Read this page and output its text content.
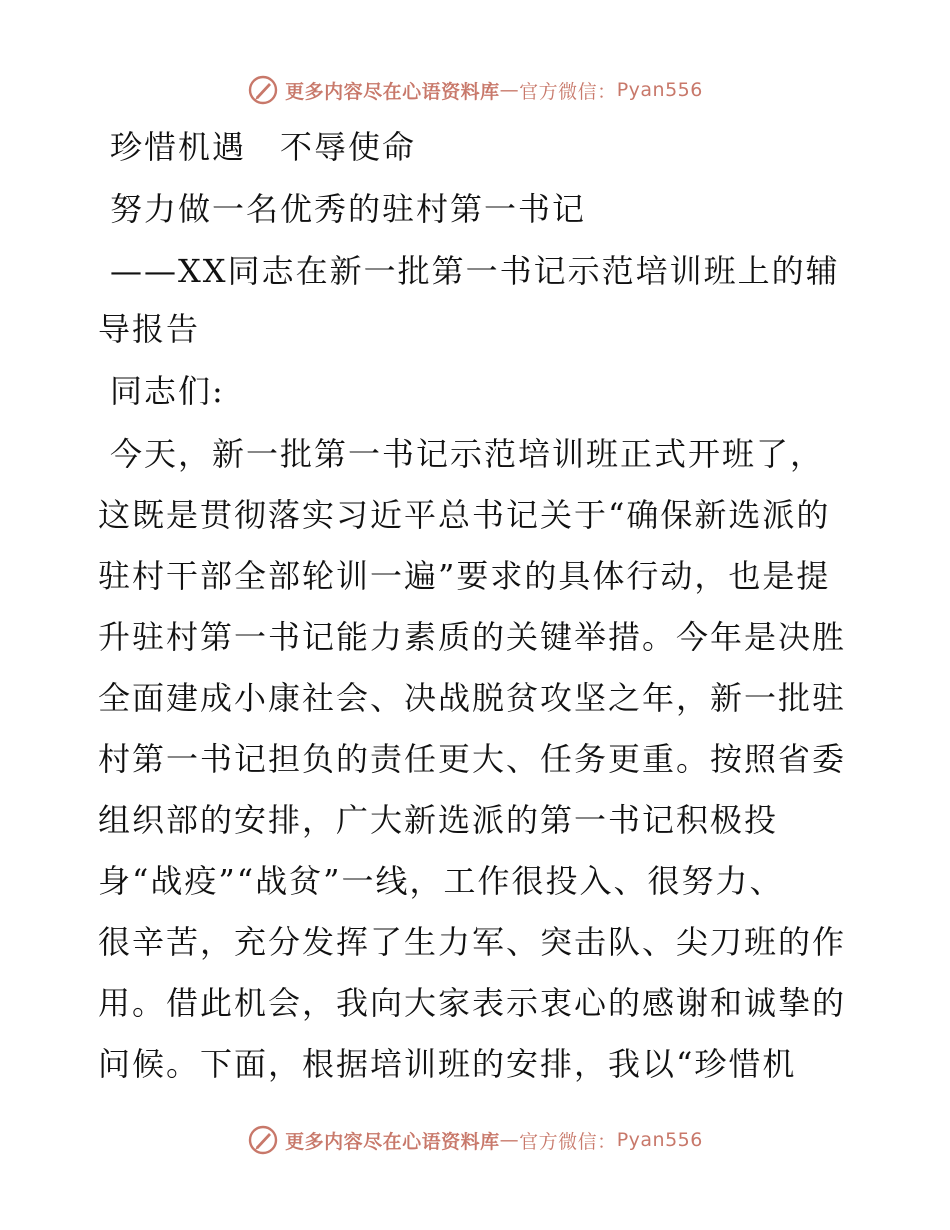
更多内容尽在心语资料库 — 官方微信： Pyan556

珍惜机遇　不辱使命

努力做一名优秀的驻村第一书记

——XX同志在新一批第一书记示范培训班上的辅

导报告

同志们:

今天，新一批第一书记示范培训班正式开班了，
这既是贯彻落实习近平总书记关于“确保新选派的
驻村干部全部轮训一遍”要求的具体行动，也是提
升驻村第一书记能力素质的关键举措。今年是决胜
全面建成小康社会、决战脱贫攻坚之年，新一批驻
村第一书记担负的责任更大、任务更重。按照省委
组织部的安排，广大新选派的第一书记积极投
身“战疫”“战贫”一线，工作很投入、很努力、
很辛苦，充分发挥了生力军、突击队、尖刀班的作
用。借此机会，我向大家表示衷心的感谢和诚挚的
问候。下面，根据培训班的安排，我以“珍惜机
更多内容尽在心语资料库 — 官方微信： Pyan556
